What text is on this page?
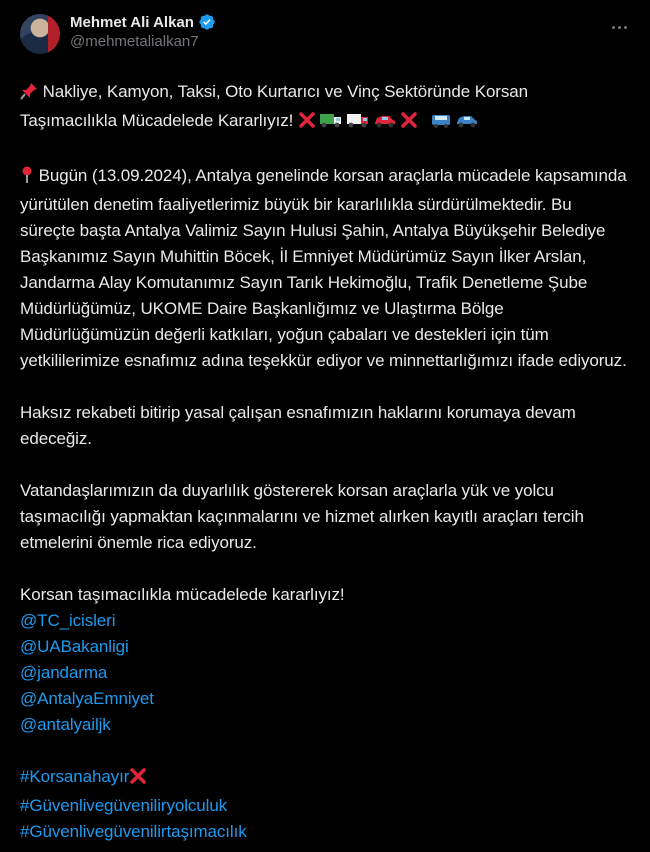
Mehmet Ali Alkan
@mehmetalialkan7

Nakliye, Kamyon, Taksi, Oto Kurtarıcı ve Vinç Sektöründe Korsan
Taşımacılıkla Mücadelede Kararlıyız!

Bugün (13.09.2024), Antalya genelinde korsan araçlarla mücadele kapsamında yürütülen denetim faaliyetlerimiz büyük bir kararlılıkla sürdürülmektedir. Bu süreçte başta Antalya Valimiz Sayın Hulusi Şahin, Antalya Büyükşehir Belediye Başkanımız Sayın Muhittin Böcek, İl Emniyet Müdürümüz Sayın İlker Arslan, Jandarma Alay Komutanımız Sayın Tarık Hekimoğlu, Trafik Denetleme Şube Müdürlüğümüz, UKOME Daire Başkanlığımız ve Ulaştırma Bölge Müdürlüğümüzün değerli katkıları, yoğun çabaları ve destekleri için tüm yetkililerimize esnafımız adına teşekkür ediyor ve minnettarlığımızı ifade ediyoruz.

Haksız rekabeti bitirip yasal çalışan esnafımızın haklarını korumaya devam edeceğiz.

Vatandaşlarımızın da duyarlılık göstererek korsan araçlarla yük ve yolcu taşımacılığı yapmaktan kaçınmalarını ve hizmet alırken kayıtlı araçları tercih etmelerini önemle rica ediyoruz.

Korsan taşımacılıkla mücadelede kararlıyız!

@TC_icisleri
@UABakanligi
@jandarma
@AntalyaEmniyet
@antalyailjk
#Korsanahayır
#Güvenlivegüveniliryolculuk
#Güvenlivegüvenilirtaşımacılık
